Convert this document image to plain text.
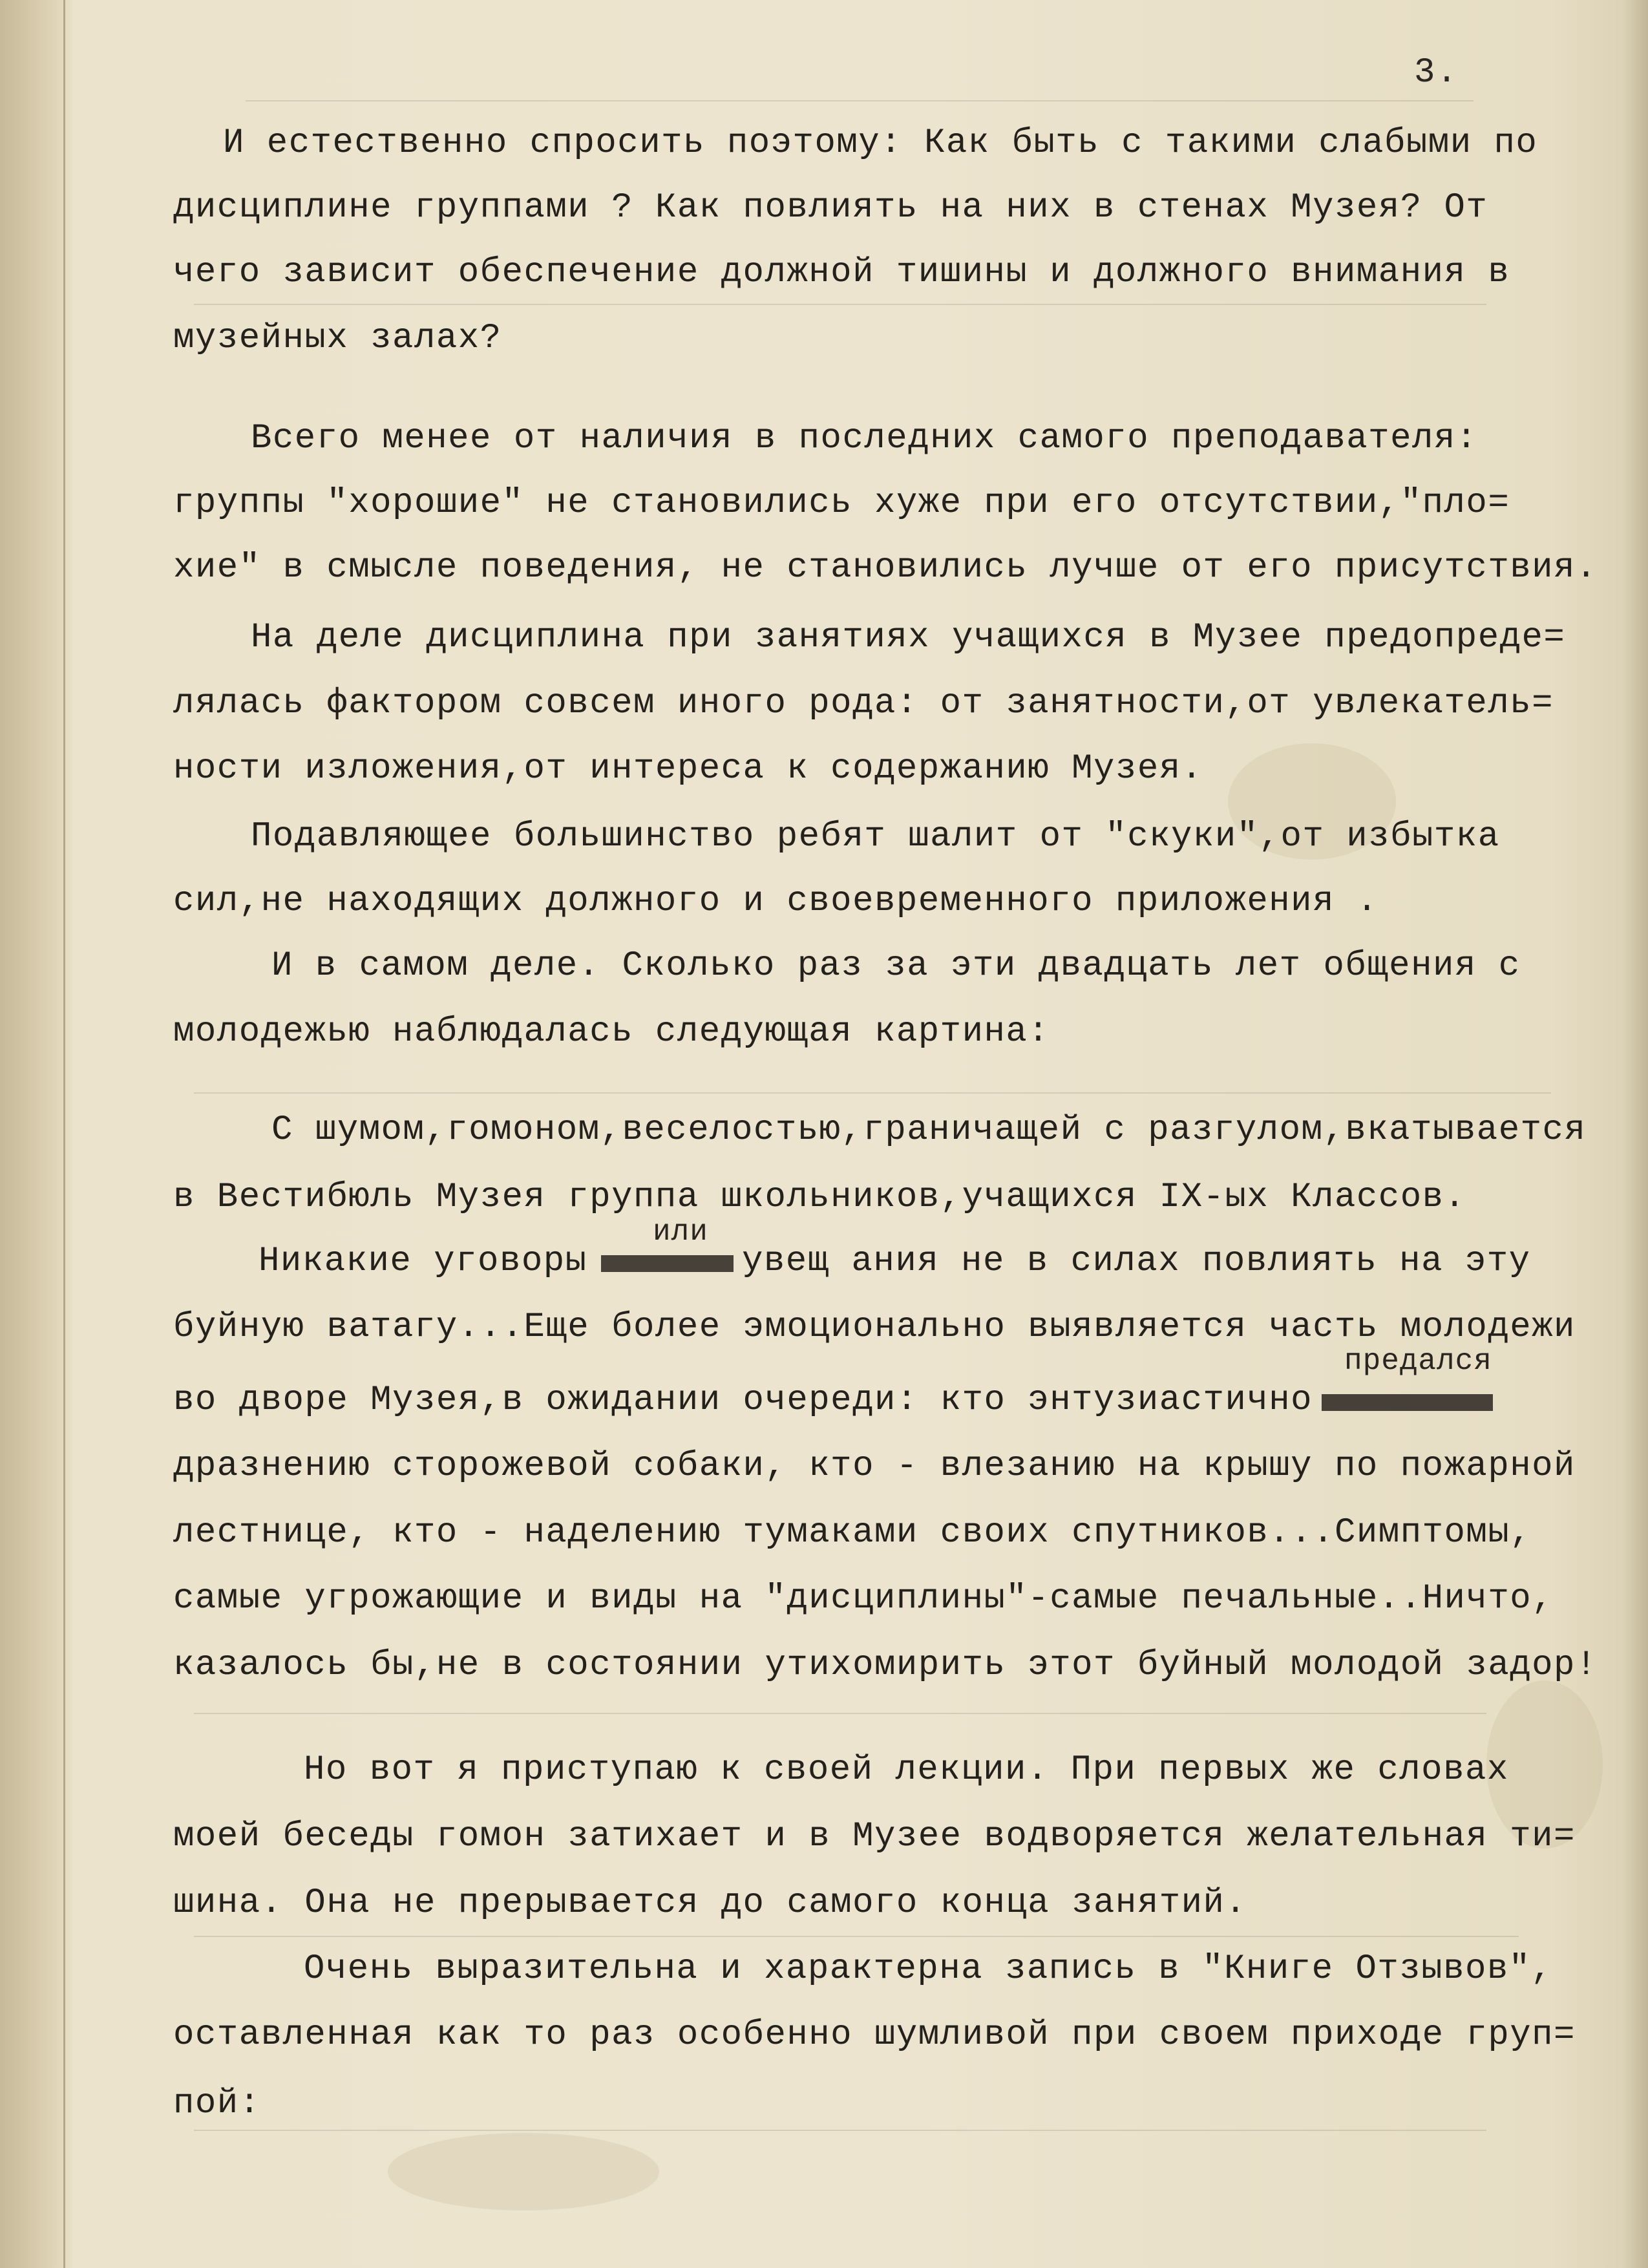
3.
И естественно спросить поэтому: Как быть с такими слабыми по
дисциплине группами ? Как повлиять на них в стенах Музея? От
чего зависит обеспечение должной тишины и должного внимания в
музейных залах?
Всего менее от наличия в последних самого преподавателя:
группы "хорошие" не становились хуже при его отсутствии,"пло=
хие" в смысле поведения, не становились лучше от его присутствия.
На деле дисциплина при занятиях учащихся в Музее предопреде=
лялась фактором совсем иного рода: от занятности,от увлекатель=
ности изложения,от интереса к содержанию Музея.
Подавляющее большинство ребят шалит от "скуки",от избытка
сил,не находящих должного и своевременного приложения .
И в самом деле. Сколько раз за эти двадцать лет общения с
молодежью наблюдалась следующая картина:
С шумом,гомоном,веселостью,граничащей с разгулом,вкатывается
в Вестибюль Музея группа школьников,учащихся IX-ых Классов.
или
Никакие уговоры	увещ ания не в силах повлиять на эту
буйную ватагу...Еще более эмоционально выявляется часть молодежи
предался
во дворе Музея,в ожидании очереди: кто энтузиастично
дразнению сторожевой собаки, кто - влезанию на крышу по пожарной
лестнице, кто - наделению тумаками своих спутников...Симптомы,
самые угрожающие и виды на "дисциплины"-самые печальные..Ничто,
казалось бы,не в состоянии утихомирить этот буйный молодой задор!
Но вот я приступаю к своей лекции. При первых же словах
моей беседы гомон затихает и в Музее водворяется желательная ти=
шина. Она не прерывается до самого конца занятий.
Очень выразительна и характерна запись в "Книге Отзывов",
оставленная как то раз особенно шумливой при своем приходе груп=
пой:
